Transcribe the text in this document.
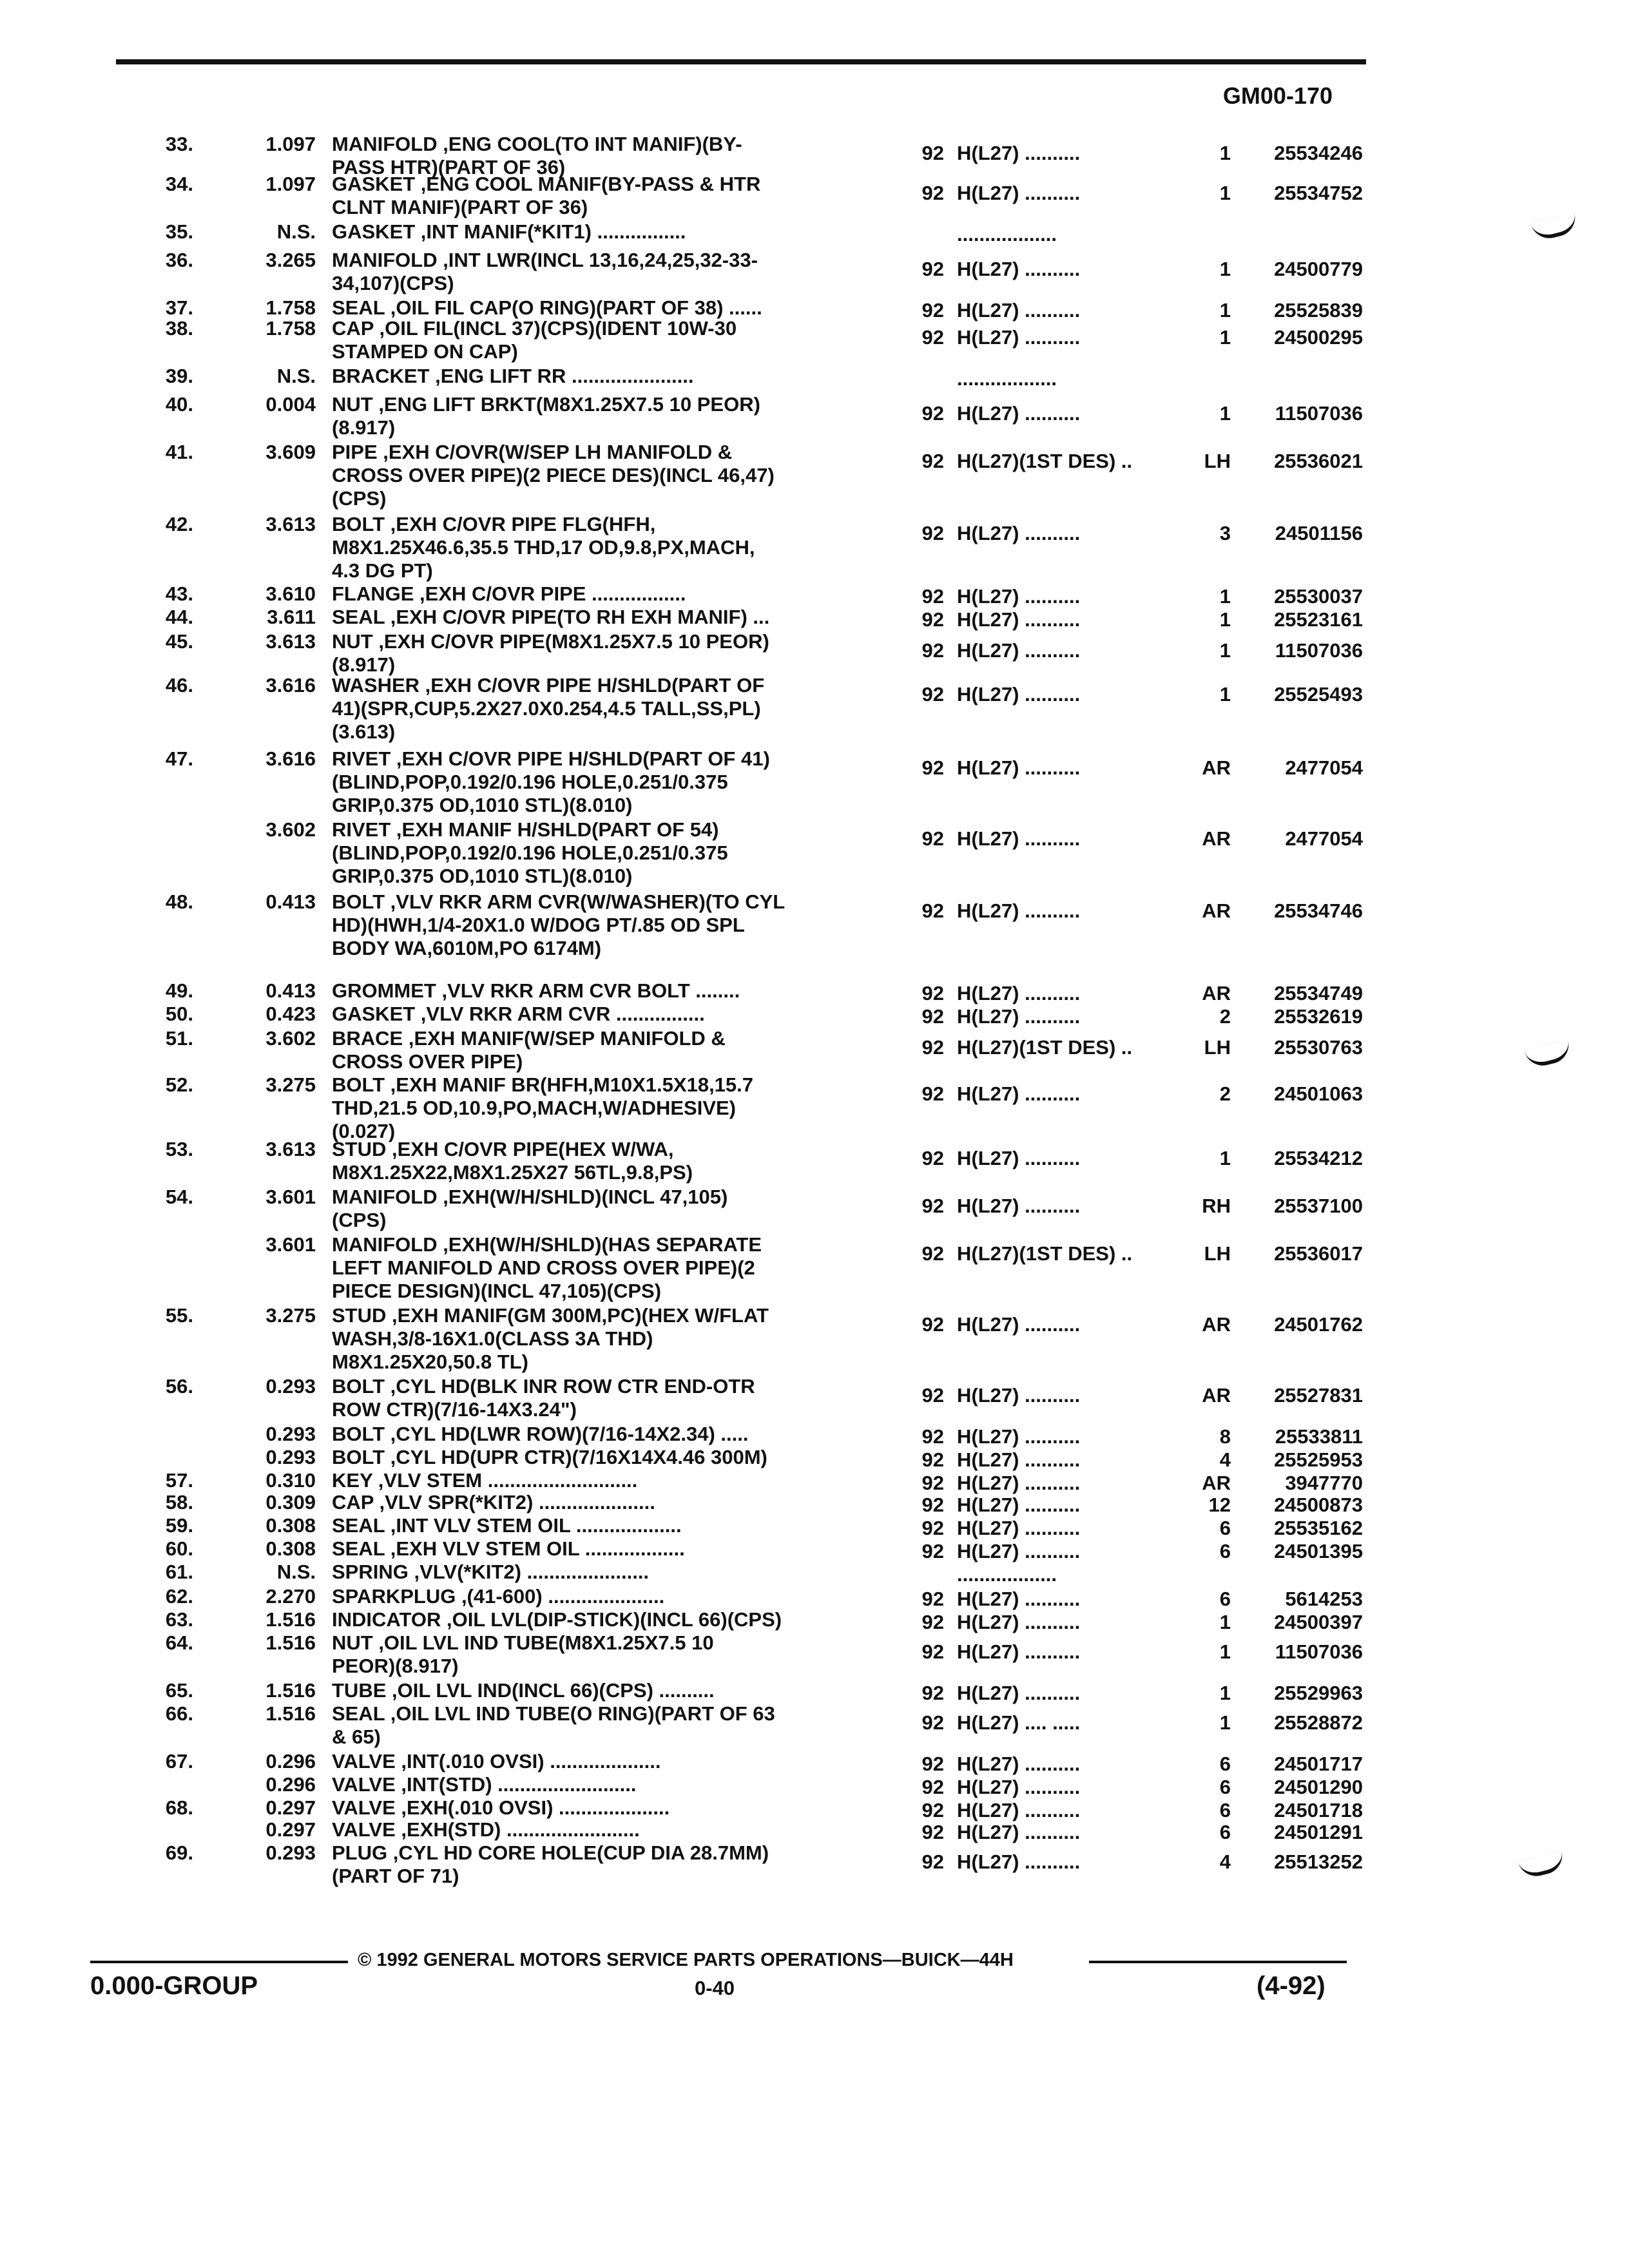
GM00-170
33.	1.097 MANIFOLD ,ENG COOL(TO INT MANIF)(BY-
PASS HTR)(PART OF 36)
92 H(L27) ..........	1	25534246
34.	1.097 GASKET ,ENG COOL MANIF(BY-PASS & HTR
CLNT MANIF)(PART OF 36)
92 H(L27) ..........	1	25534752
35.	N.S. GASKET ,INT MANIF(*KIT1) ................	..................
36.	3.265 MANIFOLD ,INT LWR(INCL 13,16,24,25,32-33-
34,107)(CPS)
92 H(L27) ..........	1	24500779
37.	1.758 SEAL ,OIL FIL CAP(O RING)(PART OF 38) ......	92 H(L27) ..........	1	25525839
38.	1.758 CAP ,OIL FIL(INCL 37)(CPS)(IDENT 10W-30
STAMPED ON CAP)
92 H(L27) ..........	1	24500295
39.	N.S. BRACKET ,ENG LIFT RR ......................	..................
40.	0.004 NUT ,ENG LIFT BRKT(M8X1.25X7.5 10 PEOR)
(8.917)
92 H(L27) ..........	1	11507036
41.	3.609 PIPE ,EXH C/OVR(W/SEP LH MANIFOLD &
CROSS OVER PIPE)(2 PIECE DES)(INCL 46,47)
(CPS)
92 H(L27)(1ST DES) ..	LH	25536021
42.	3.613 BOLT ,EXH C/OVR PIPE FLG(HFH,
M8X1.25X46.6,35.5 THD,17 OD,9.8,PX,MACH,
4.3 DG PT)
92 H(L27) ..........	3	24501156
43.	3.610 FLANGE ,EXH C/OVR PIPE .................	92 H(L27) ..........	1	25530037
44.	3.611 SEAL ,EXH C/OVR PIPE(TO RH EXH MANIF) ...	92 H(L27) ..........	1	25523161
45.	3.613 NUT ,EXH C/OVR PIPE(M8X1.25X7.5 10 PEOR)
(8.917)
92 H(L27) ..........	1	11507036
46.	3.616 WASHER ,EXH C/OVR PIPE H/SHLD(PART OF
41)(SPR,CUP,5.2X27.0X0.254,4.5 TALL,SS,PL)
(3.613)
92 H(L27) ..........	1	25525493
47.	3.616 RIVET ,EXH C/OVR PIPE H/SHLD(PART OF 41)
(BLIND,POP,0.192/0.196 HOLE,0.251/0.375
GRIP,0.375 OD,1010 STL)(8.010)
92 H(L27) ..........	AR	2477054
3.602 RIVET ,EXH MANIF H/SHLD(PART OF 54)
(BLIND,POP,0.192/0.196 HOLE,0.251/0.375
GRIP,0.375 OD,1010 STL)(8.010)
92 H(L27) ..........	AR	2477054
48.	0.413 BOLT ,VLV RKR ARM CVR(W/WASHER)(TO CYL
HD)(HWH,1/4-20X1.0 W/DOG PT/.85 OD SPL
BODY WA,6010M,PO 6174M)
92 H(L27) ..........	AR	25534746
49.	0.413 GROMMET ,VLV RKR ARM CVR BOLT ........	92 H(L27) ..........	AR	25534749
50.	0.423 GASKET ,VLV RKR ARM CVR ................	92 H(L27) ..........	2	25532619
51.	3.602 BRACE ,EXH MANIF(W/SEP MANIFOLD &
CROSS OVER PIPE)
92 H(L27)(1ST DES) ..	LH	25530763
52.	3.275 BOLT ,EXH MANIF BR(HFH,M10X1.5X18,15.7
THD,21.5 OD,10.9,PO,MACH,W/ADHESIVE)
(0.027)
92 H(L27) ..........	2	24501063
53.	3.613 STUD ,EXH C/OVR PIPE(HEX W/WA,
M8X1.25X22,M8X1.25X27 56TL,9.8,PS)
92 H(L27) ..........	1	25534212
54.	3.601 MANIFOLD ,EXH(W/H/SHLD)(INCL 47,105)
(CPS)
92 H(L27) ..........	RH	25537100
3.601 MANIFOLD ,EXH(W/H/SHLD)(HAS SEPARATE
LEFT MANIFOLD AND CROSS OVER PIPE)(2
PIECE DESIGN)(INCL 47,105)(CPS)
92 H(L27)(1ST DES) ..	LH	25536017
55.	3.275 STUD ,EXH MANIF(GM 300M,PC)(HEX W/FLAT
WASH,3/8-16X1.0(CLASS 3A THD)
M8X1.25X20,50.8 TL)
92 H(L27) ..........	AR	24501762
56.	0.293 BOLT ,CYL HD(BLK INR ROW CTR END-OTR
ROW CTR)(7/16-14X3.24")
92 H(L27) ..........	AR	25527831
0.293 BOLT ,CYL HD(LWR ROW)(7/16-14X2.34) .....	92 H(L27) ..........	8	25533811
0.293 BOLT ,CYL HD(UPR CTR)(7/16X14X4.46 300M)	92 H(L27) ..........	4	25525953
57.	0.310 KEY ,VLV STEM ...........................	92 H(L27) ..........	AR	3947770
58.	0.309 CAP ,VLV SPR(*KIT2) .....................	92 H(L27) ..........	12	24500873
59.	0.308 SEAL ,INT VLV STEM OIL ...................	92 H(L27) ..........	6	25535162
60.	0.308 SEAL ,EXH VLV STEM OIL ..................	92 H(L27) ..........	6	24501395
61.	N.S. SPRING ,VLV(*KIT2) ......................	..................
62.	2.270 SPARKPLUG ,(41-600) .....................	92 H(L27) ..........	6	5614253
63.	1.516 INDICATOR ,OIL LVL(DIP-STICK)(INCL 66)(CPS)	92 H(L27) ..........	1	24500397
64.	1.516 NUT ,OIL LVL IND TUBE(M8X1.25X7.5 10
PEOR)(8.917)
92 H(L27) ..........	1	11507036
65.	1.516 TUBE ,OIL LVL IND(INCL 66)(CPS) ..........	92 H(L27) ..........	1	25529963
66.	1.516 SEAL ,OIL LVL IND TUBE(O RING)(PART OF 63
& 65)
92 H(L27) .... .....	1	25528872
67.	0.296 VALVE ,INT(.010 OVSI) ....................	92 H(L27) ..........	6	24501717
0.296 VALVE ,INT(STD) .........................	92 H(L27) ..........	6	24501290
68.	0.297 VALVE ,EXH(.010 OVSI) ....................	92 H(L27) ..........	6	24501718
0.297 VALVE ,EXH(STD) ........................	92 H(L27) ..........	6	24501291
69.	0.293 PLUG ,CYL HD CORE HOLE(CUP DIA 28.7MM)
(PART OF 71)
92 H(L27) ..........	4	25513252
© 1992 GENERAL MOTORS SERVICE PARTS OPERATIONS—BUICK—44H
0.000-GROUP	0-40	(4-92)
